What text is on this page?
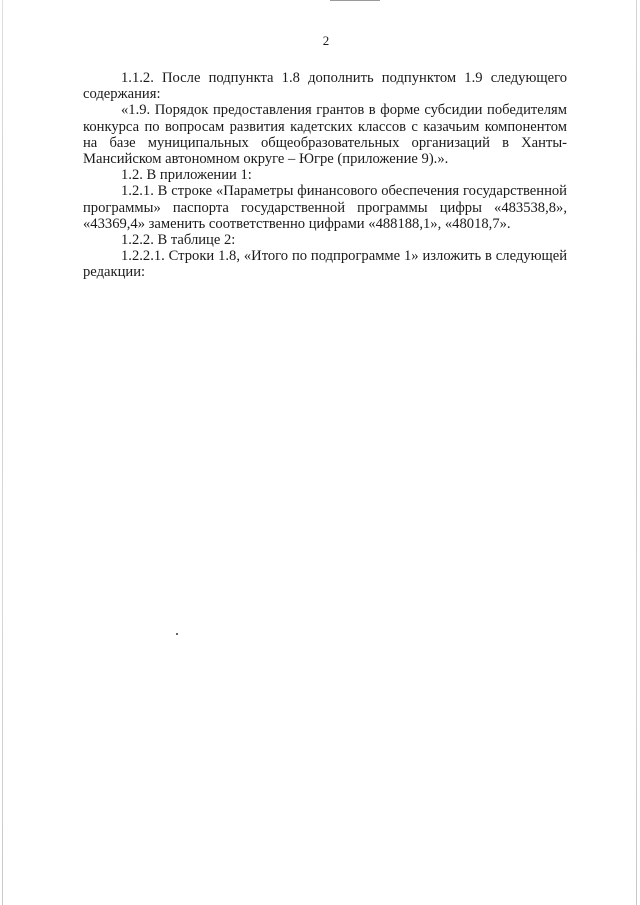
2

1.1.2. После подпункта 1.8 дополнить подпунктом 1.9 следующего содержания:

«1.9. Порядок предоставления грантов в форме субсидии победителям конкурса по вопросам развития кадетских классов с казачьим компонентом на базе муниципальных общеобразовательных организаций в Ханты-Мансийском автономном округе – Югре (приложение 9).».

1.2. В приложении 1:

1.2.1. В строке «Параметры финансового обеспечения государственной программы» паспорта государственной программы цифры «483538,8», «43369,4» заменить соответственно цифрами «488188,1», «48018,7».

1.2.2. В таблице 2:

1.2.2.1. Строки 1.8, «Итого по подпрограмме 1» изложить в следующей редакции:
